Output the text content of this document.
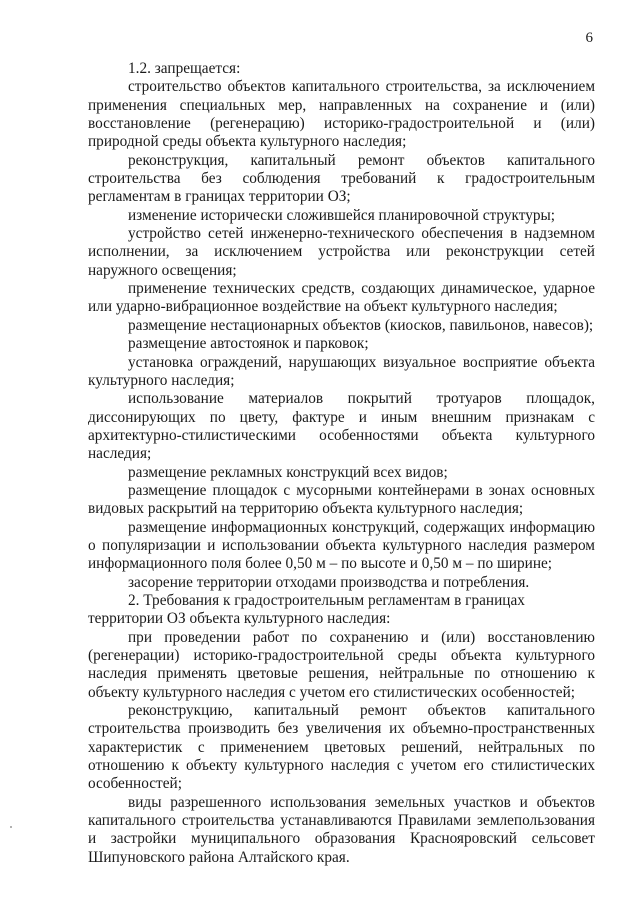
6

1.2. запрещается:

строительство объектов капитального строительства, за исключением применения специальных мер, направленных на сохранение и (или) восстановление (регенерацию) историко-градостроительной и (или) природной среды объекта культурного наследия;

реконструкция, капитальный ремонт объектов капитального строительства без соблюдения требований к градостроительным регламентам в границах территории ОЗ;

изменение исторически сложившейся планировочной структуры;

устройство сетей инженерно-технического обеспечения в надземном исполнении, за исключением устройства или реконструкции сетей наружного освещения;

применение технических средств, создающих динамическое, ударное или ударно-вибрационное воздействие на объект культурного наследия;

размещение нестационарных объектов (киосков, павильонов, навесов);

размещение автостоянок и парковок;

установка ограждений, нарушающих визуальное восприятие объекта культурного наследия;

использование материалов покрытий тротуаров площадок, диссонирующих по цвету, фактуре и иным внешним признакам с архитектурно-стилистическими особенностями объекта культурного наследия;

размещение рекламных конструкций всех видов;

размещение площадок с мусорными контейнерами в зонах основных видовых раскрытий на территорию объекта культурного наследия;

размещение информационных конструкций, содержащих информацию о популяризации и использовании объекта культурного наследия размером информационного поля более 0,50 м – по высоте и 0,50 м – по ширине;

засорение территории отходами производства и потребления.

2. Требования к градостроительным регламентам в границах территории ОЗ объекта культурного наследия:

при проведении работ по сохранению и (или) восстановлению (регенерации) историко-градостроительной среды объекта культурного наследия применять цветовые решения, нейтральные по отношению к объекту культурного наследия с учетом его стилистических особенностей;

реконструкцию, капитальный ремонт объектов капитального строительства производить без увеличения их объемно-пространственных характеристик с применением цветовых решений, нейтральных по отношению к объекту культурного наследия с учетом его стилистических особенностей;

виды разрешенного использования земельных участков и объектов капитального строительства устанавливаются Правилами землепользования и застройки муниципального образования Краснояровский сельсовет Шипуновского района Алтайского края.
